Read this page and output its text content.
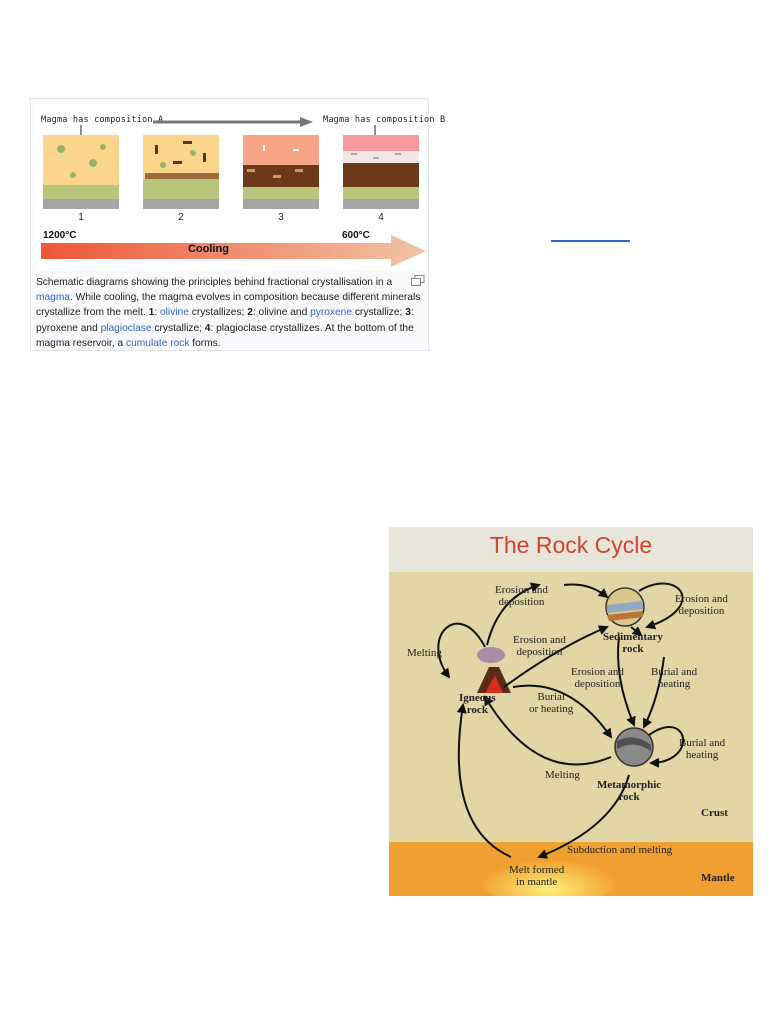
Magma has composition A	Magma has composition B
1	2	3	4
1200°C	600°C
Cooling
Schematic diagrams showing the principles behind fractional crystallisation in a magma. While cooling, the magma evolves in composition because different minerals crystallize from the melt. 1: olivine crystallizes; 2: olivine and pyroxene crystallize; 3: pyroxene and plagioclase crystallize; 4: plagioclase crystallizes. At the bottom of the magma reservoir, a cumulate rock forms.
The Rock Cycle
Erosion and
deposition	Erosion and
deposition
Erosion and
deposition
Melting
Sedimentary
rock
Erosion and
deposition
Burial and
heating
Igneous
rock
Burial
or heating
Burial and
heating
Melting
Metamorphic
rock
Crust
Subduction and melting
Melt formed
in mantle	Mantle
